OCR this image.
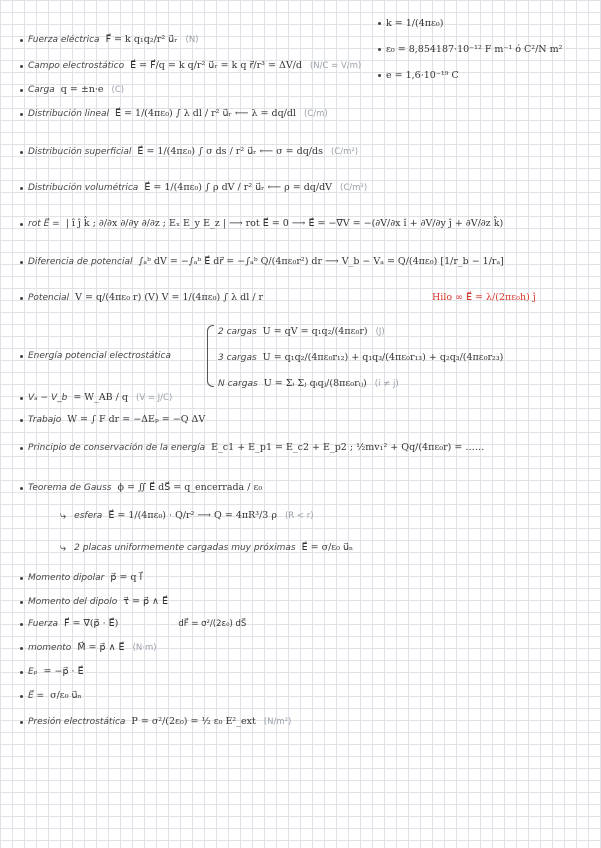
k = 1/(4πε₀)
ε₀ = 8,854187·10⁻¹² F m⁻¹ ó C²/N m²
e = 1,6·10⁻¹⁹ C
Fuerza eléctrica F⃗ = k q₁q₂/r² u⃗ᵣ (N)
Campo electrostático E⃗ = F⃗/q = k q/r² u⃗ᵣ = k q r⃗/r³ = ΔV/d (N/C = V/m)
Carga q = ±n·e (C)
Distribución lineal E⃗ = 1/(4πε₀) ∫ λ dl / r² u⃗ᵣ ⟵ λ = dq/dl (C/m)
Distribución superficial E⃗ = 1/(4πε₀) ∫ σ ds / r² u⃗ᵣ ⟵ σ = dq/ds (C/m²)
Distribución volumétrica E⃗ = 1/(4πε₀) ∫ ρ dV / r² u⃗ᵣ ⟵ ρ = dq/dV (C/m³)
rot E⃗ = | î ĵ k̂ ; ∂/∂x ∂/∂y ∂/∂z ; Eₓ E_y E_z | ⟶ rot E⃗ = 0 ⟶ E⃗ = −∇⃗V = −(∂V/∂x î + ∂V/∂y ĵ + ∂V/∂z k̂)
Diferencia de potencial ∫ₐᵇ dV = −∫ₐᵇ E⃗ dr⃗ = −∫ₐᵇ Q/(4πε₀r²) dr ⟶ V_b − Vₐ = Q/(4πε₀) [1/r_b − 1/rₐ]
Potencial V = q/(4πε₀ r) (V) V = 1/(4πε₀) ∫ λ dl / r	Hilo ∞ E⃗ = λ/(2πε₀h) ĵ
Energía potencial electrostática
2 cargas U = qV = q₁q₂/(4πε₀r) (J)
3 cargas U = q₁q₂/(4πε₀r₁₂) + q₁q₃/(4πε₀r₁₃) + q₂q₃/(4πε₀r₂₃)
N cargas U = Σᵢ Σⱼ qᵢqⱼ/(8πε₀rᵢⱼ) (i ≠ j)
Vₐ − V_b = W_AB / q (V = J/C)
Trabajo W = ∫ F dr = −ΔEₚ = −Q ΔV
Principio de conservación de la energía E_c1 + E_p1 = E_c2 + E_p2 ; ½mv₁² + Qq/(4πε₀r) = ……
Teorema de Gauss ϕ = ∬ E⃗ dS⃗ = q_encerrada / ε₀
⤷ esfera E⃗ = 1/(4πε₀) · Q/r² ⟶ Q = 4πR³/3 ρ (R < r)
⤷ 2 placas uniformemente cargadas muy próximas E⃗ = σ/ε₀ u⃗ₙ
Momento dipolar p⃗ = q l⃗
Momento del dipolo τ⃗ = p⃗ ∧ E⃗
Fuerza F⃗ = ∇⃗(p⃗ · E⃗)	dF⃗ = σ²/(2ε₀) dS⃗
momento M⃗ = p⃗ ∧ E⃗ (N·m)
Eₚ = −p⃗ · E⃗
E⃗ = σ/ε₀ u⃗ₙ
Presión electrostática P = σ²/(2ε₀) = ½ ε₀ E²_ext (N/m²)
